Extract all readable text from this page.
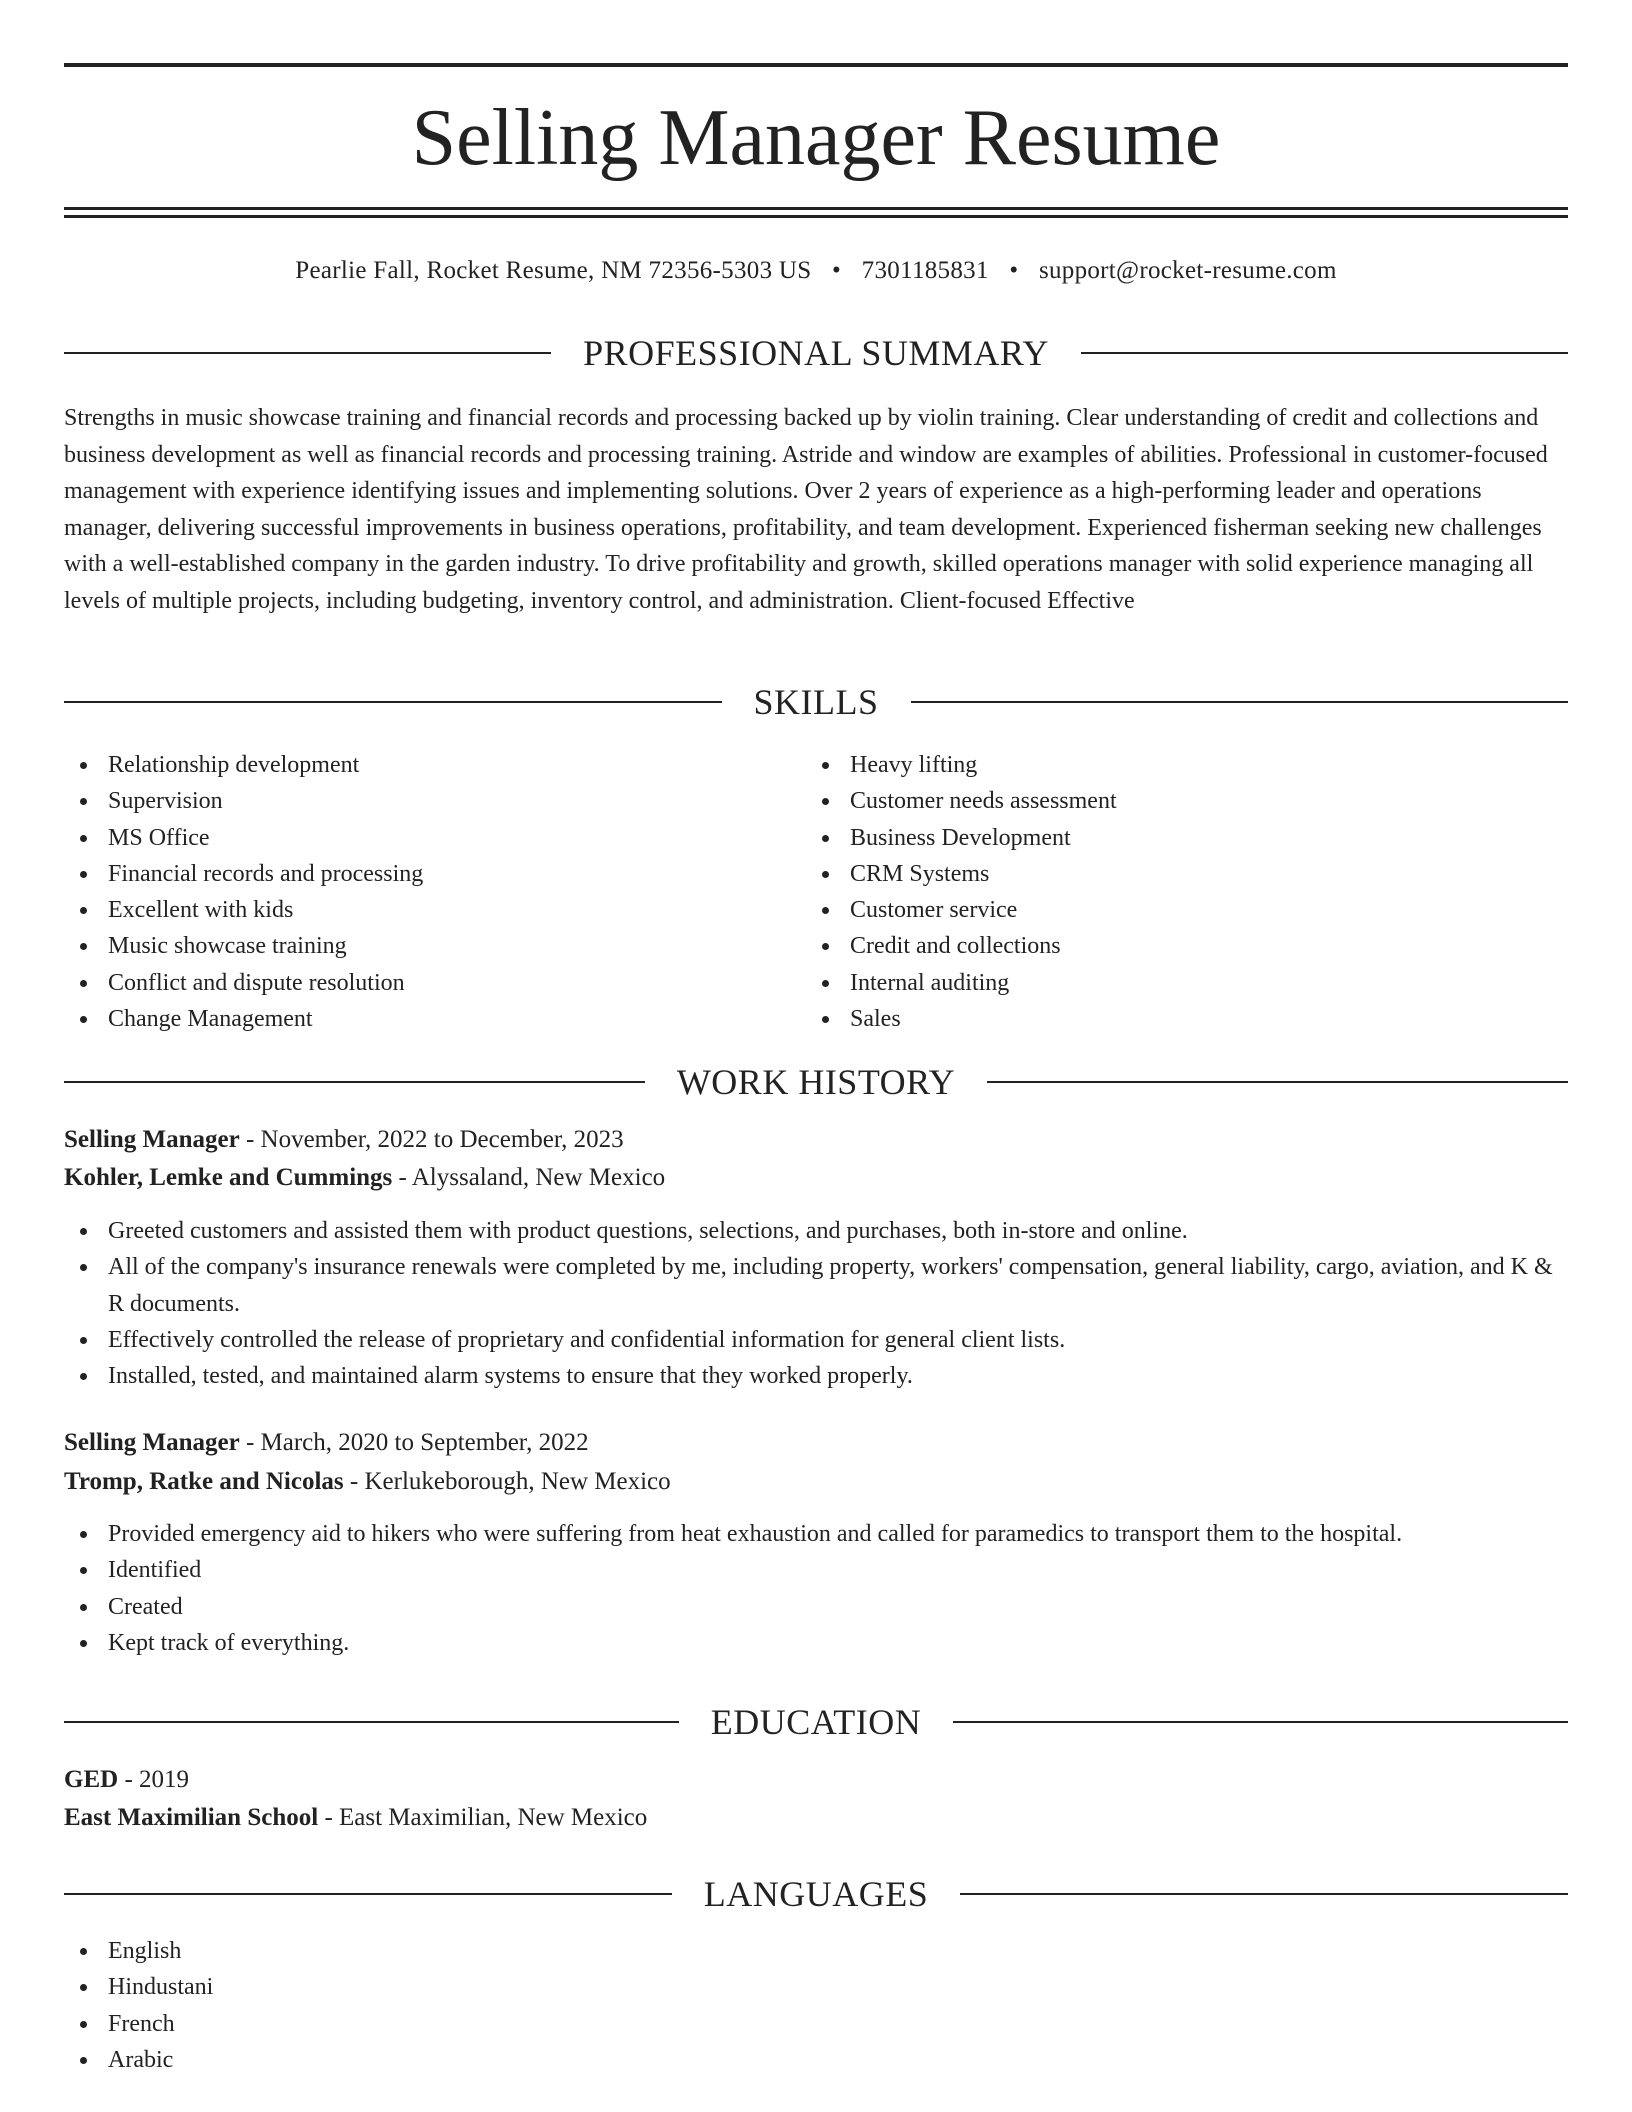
Selling Manager Resume
Pearlie Fall, Rocket Resume, NM 72356-5303 US • 7301185831 • support@rocket-resume.com
PROFESSIONAL SUMMARY

Strengths in music showcase training and financial records and processing backed up by violin training. Clear understanding of credit and collections and business development as well as financial records and processing training. Astride and window are examples of abilities. Professional in customer-focused management with experience identifying issues and implementing solutions. Over 2 years of experience as a high-performing leader and operations manager, delivering successful improvements in business operations, profitability, and team development. Experienced fisherman seeking new challenges with a well-established company in the garden industry. To drive profitability and growth, skilled operations manager with solid experience managing all levels of multiple projects, including budgeting, inventory control, and administration. Client-focused Effective

SKILLS
Relationship development
Supervision
MS Office
Financial records and processing
Excellent with kids
Music showcase training
Conflict and dispute resolution
Change Management
Heavy lifting
Customer needs assessment
Business Development
CRM Systems
Customer service
Credit and collections
Internal auditing
Sales
WORK HISTORY
Selling Manager - November, 2022 to December, 2023
Kohler, Lemke and Cummings - Alyssaland, New Mexico
Greeted customers and assisted them with product questions, selections, and purchases, both in-store and online.
All of the company's insurance renewals were completed by me, including property, workers' compensation, general liability, cargo, aviation, and K & R documents.
Effectively controlled the release of proprietary and confidential information for general client lists.
Installed, tested, and maintained alarm systems to ensure that they worked properly.
Selling Manager - March, 2020 to September, 2022
Tromp, Ratke and Nicolas - Kerlukeborough, New Mexico
Provided emergency aid to hikers who were suffering from heat exhaustion and called for paramedics to transport them to the hospital.
Identified
Created
Kept track of everything.
EDUCATION
GED - 2019
East Maximilian School - East Maximilian, New Mexico
LANGUAGES
English
Hindustani
French
Arabic
